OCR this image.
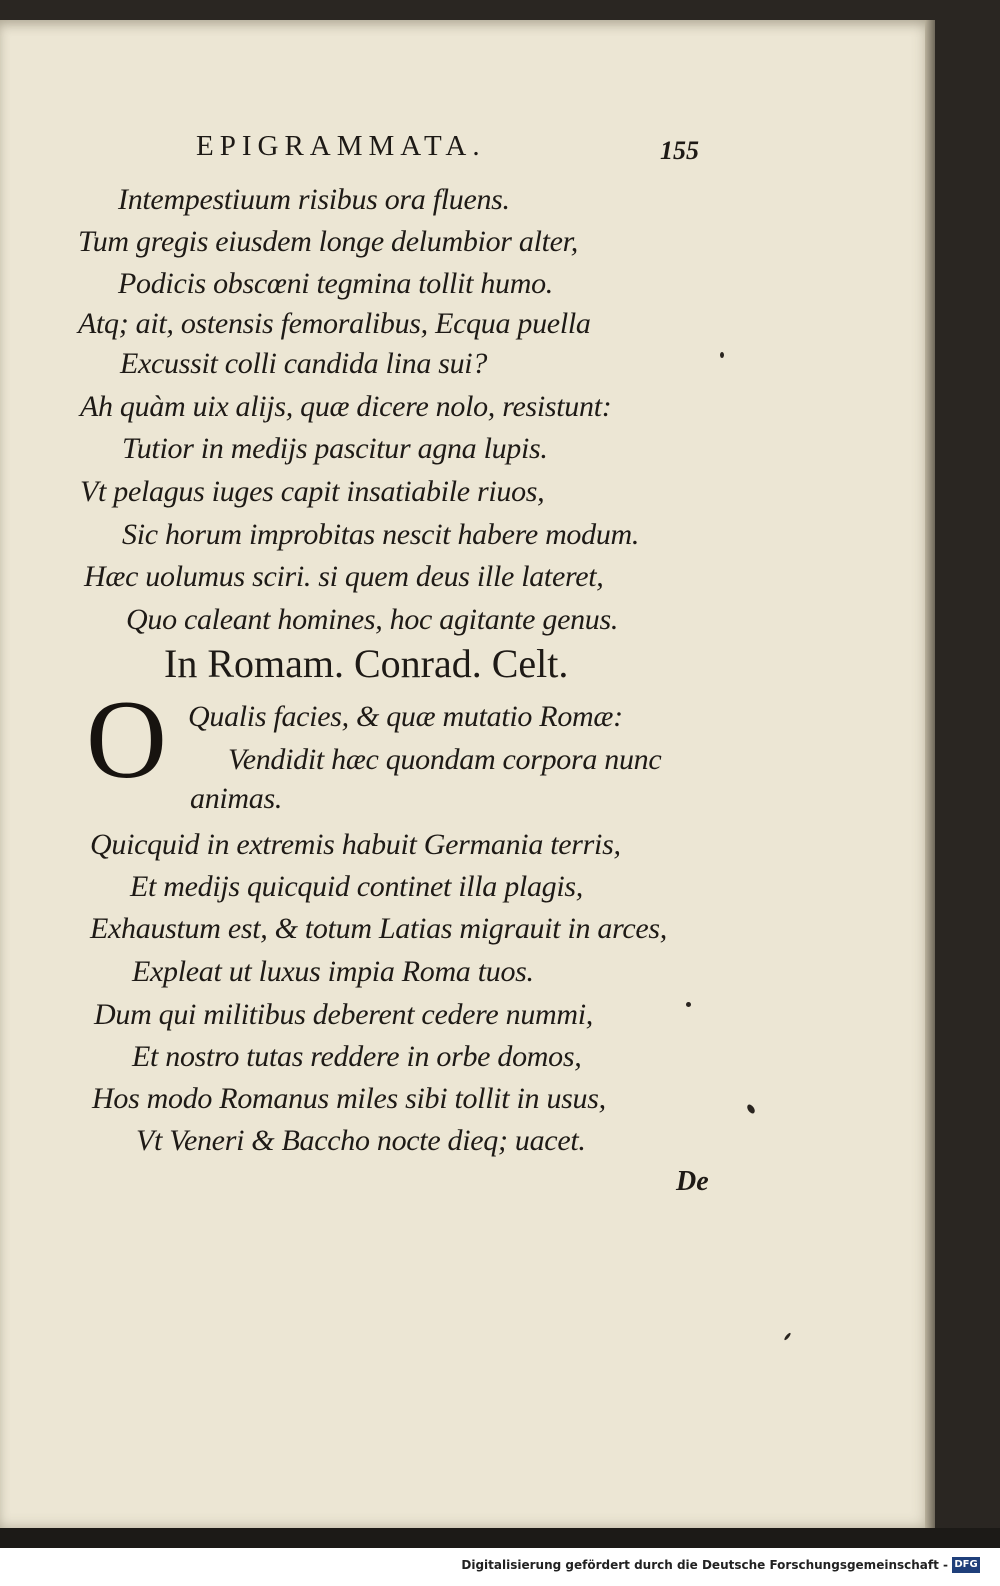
EPIGRAMMATA.	155
Intempestiuum risibus ora fluens.
Tum gregis eiusdem longe delumbior alter,
Podicis obscœni tegmina tollit humo.
Atq; ait, ostensis femoralibus, Ecqua puella
Excussit colli candida lina sui?
Ah quàm uix alijs, quæ dicere nolo, resistunt:
Tutior in medijs pascitur agna lupis.
Vt pelagus iuges capit insatiabile riuos,
Sic horum improbitas nescit habere modum.
Hæc uolumus sciri. si quem deus ille lateret,
Quo caleant homines, hoc agitante genus.
In Romam. Conrad. Celt.
O Qualis facies, & quæ mutatio Romæ:
Vendidit hæc quondam corpora nunc
animas.
Quicquid in extremis habuit Germania terris,
Et medijs quicquid continet illa plagis,
Exhaustum est, & totum Latias migrauit in arces,
Expleat ut luxus impia Roma tuos.
Dum qui militibus deberent cedere nummi,
Et nostro tutas reddere in orbe domos,
Hos modo Romanus miles sibi tollit in usus,
Vt Veneri & Baccho nocte dieq; uacet.
De
Digitalisierung gefördert durch die Deutsche Forschungsgemeinschaft - DFG
